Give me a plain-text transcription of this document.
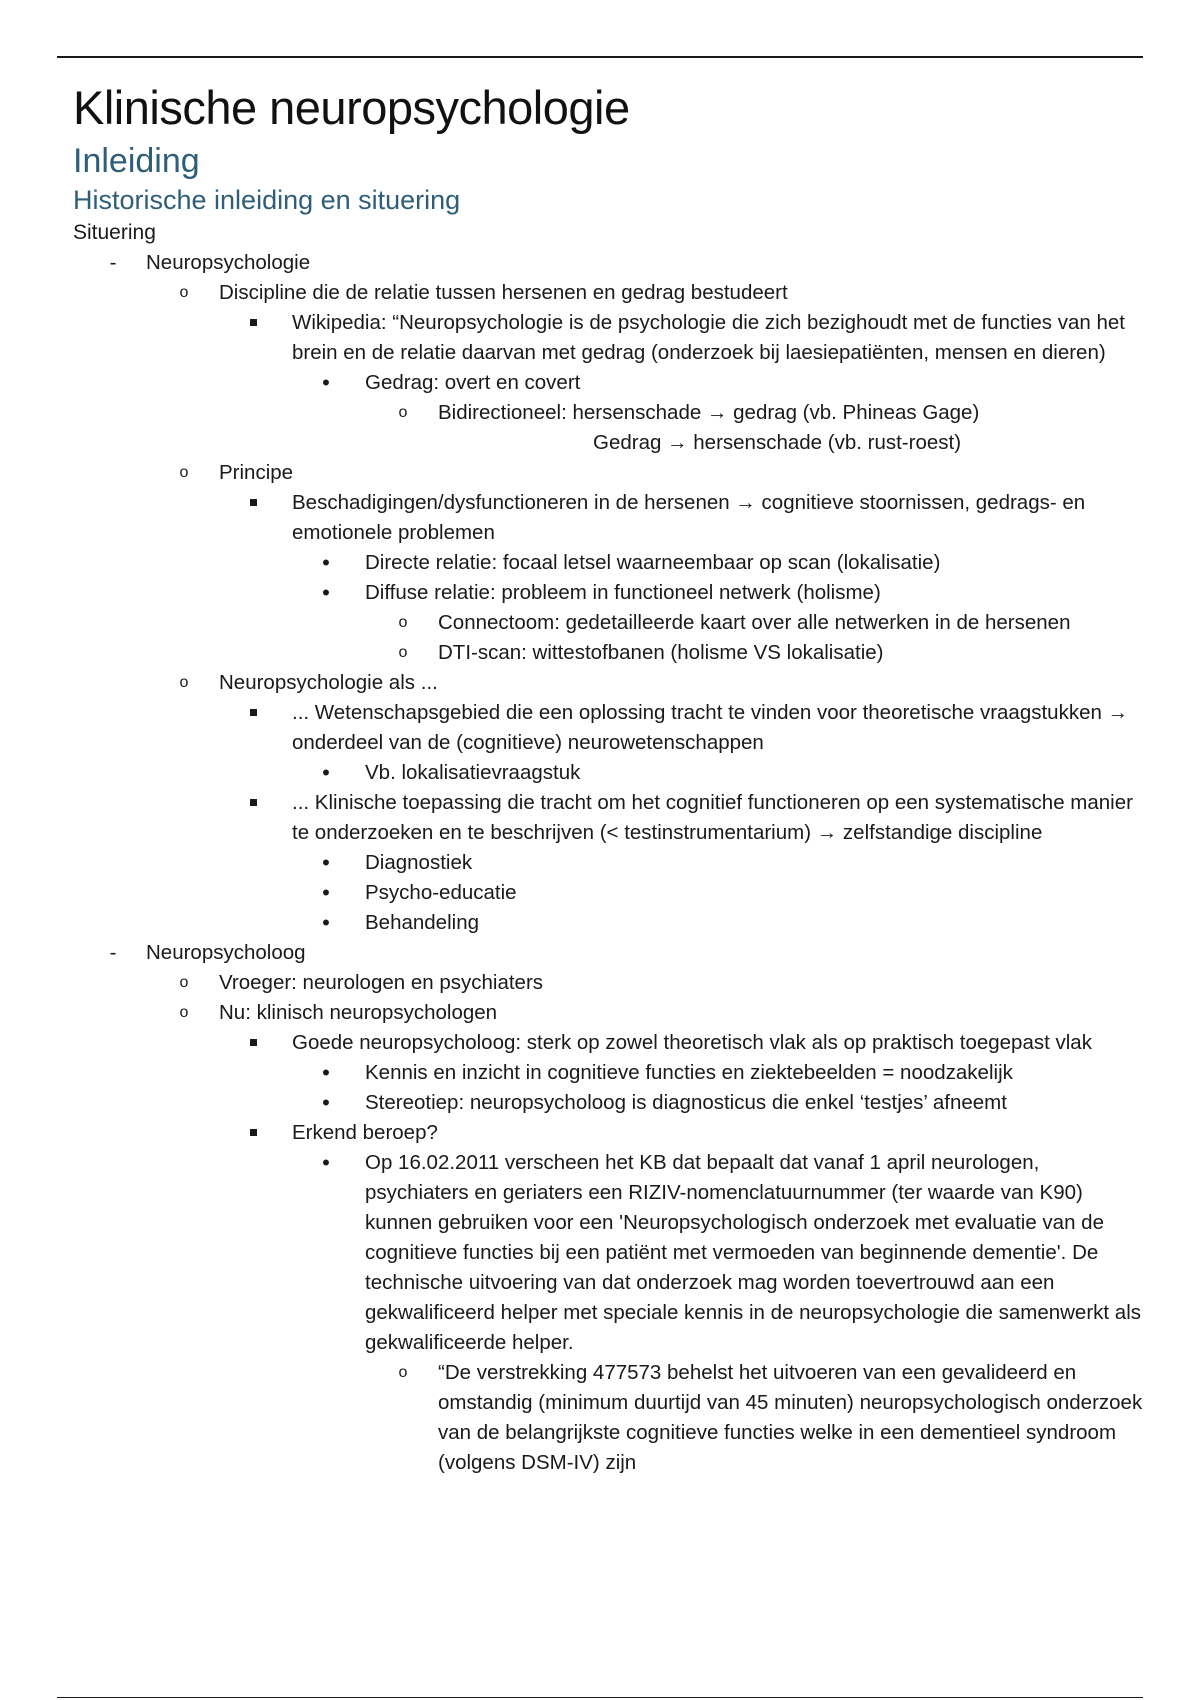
Klinische neuropsychologie
Inleiding
Historische inleiding en situering

Situering

-	Neuropsychologie
o Discipline die de relatie tussen hersenen en gedrag bestudeert
Wikipedia: “Neuropsychologie is de psychologie die zich bezighoudt met de functies van het brein en de relatie daarvan met gedrag (onderzoek bij laesiepatiënten, mensen en dieren)
•	Gedrag: overt en covert
o Bidirectioneel: hersenschade → gedrag (vb. Phineas Gage)
Gedrag → hersenschade (vb. rust-roest)
o Principe
Beschadigingen/dysfunctioneren in de hersenen → cognitieve stoornissen, gedrags- en emotionele problemen
•	Directe relatie: focaal letsel waarneembaar op scan (lokalisatie)
•	Diffuse relatie: probleem in functioneel netwerk (holisme)
o Connectoom: gedetailleerde kaart over alle netwerken in de hersenen
o DTI-scan: wittestofbanen (holisme VS lokalisatie)
o Neuropsychologie als ...
... Wetenschapsgebied die een oplossing tracht te vinden voor theoretische vraagstukken → onderdeel van de (cognitieve) neurowetenschappen
•	Vb. lokalisatievraagstuk
... Klinische toepassing die tracht om het cognitief functioneren op een systematische manier te onderzoeken en te beschrijven (< testinstrumentarium) → zelfstandige discipline
•	Diagnostiek
•	Psycho-educatie
•	Behandeling
-	Neuropsycholoog
o Vroeger: neurologen en psychiaters
o Nu: klinisch neuropsychologen
Goede neuropsycholoog: sterk op zowel theoretisch vlak als op praktisch toegepast vlak
•	Kennis en inzicht in cognitieve functies en ziektebeelden = noodzakelijk
•	Stereotiep: neuropsycholoog is diagnosticus die enkel ‘testjes’ afneemt
Erkend beroep?
•	Op 16.02.2011 verscheen het KB dat bepaalt dat vanaf 1 april neurologen, psychiaters en geriaters een RIZIV-nomenclatuurnummer (ter waarde van K90) kunnen gebruiken voor een 'Neuropsychologisch onderzoek met evaluatie van de cognitieve functies bij een patiënt met vermoeden van beginnende dementie'. De technische uitvoering van dat onderzoek mag worden toevertrouwd aan een gekwalificeerd helper met speciale kennis in de neuropsychologie die samenwerkt als gekwalificeerde helper.
o “De verstrekking 477573 behelst het uitvoeren van een gevalideerd en omstandig (minimum duurtijd van 45 minuten) neuropsychologisch onderzoek van de belangrijkste cognitieve functies welke in een dementieel syndroom (volgens DSM-IV) zijn
